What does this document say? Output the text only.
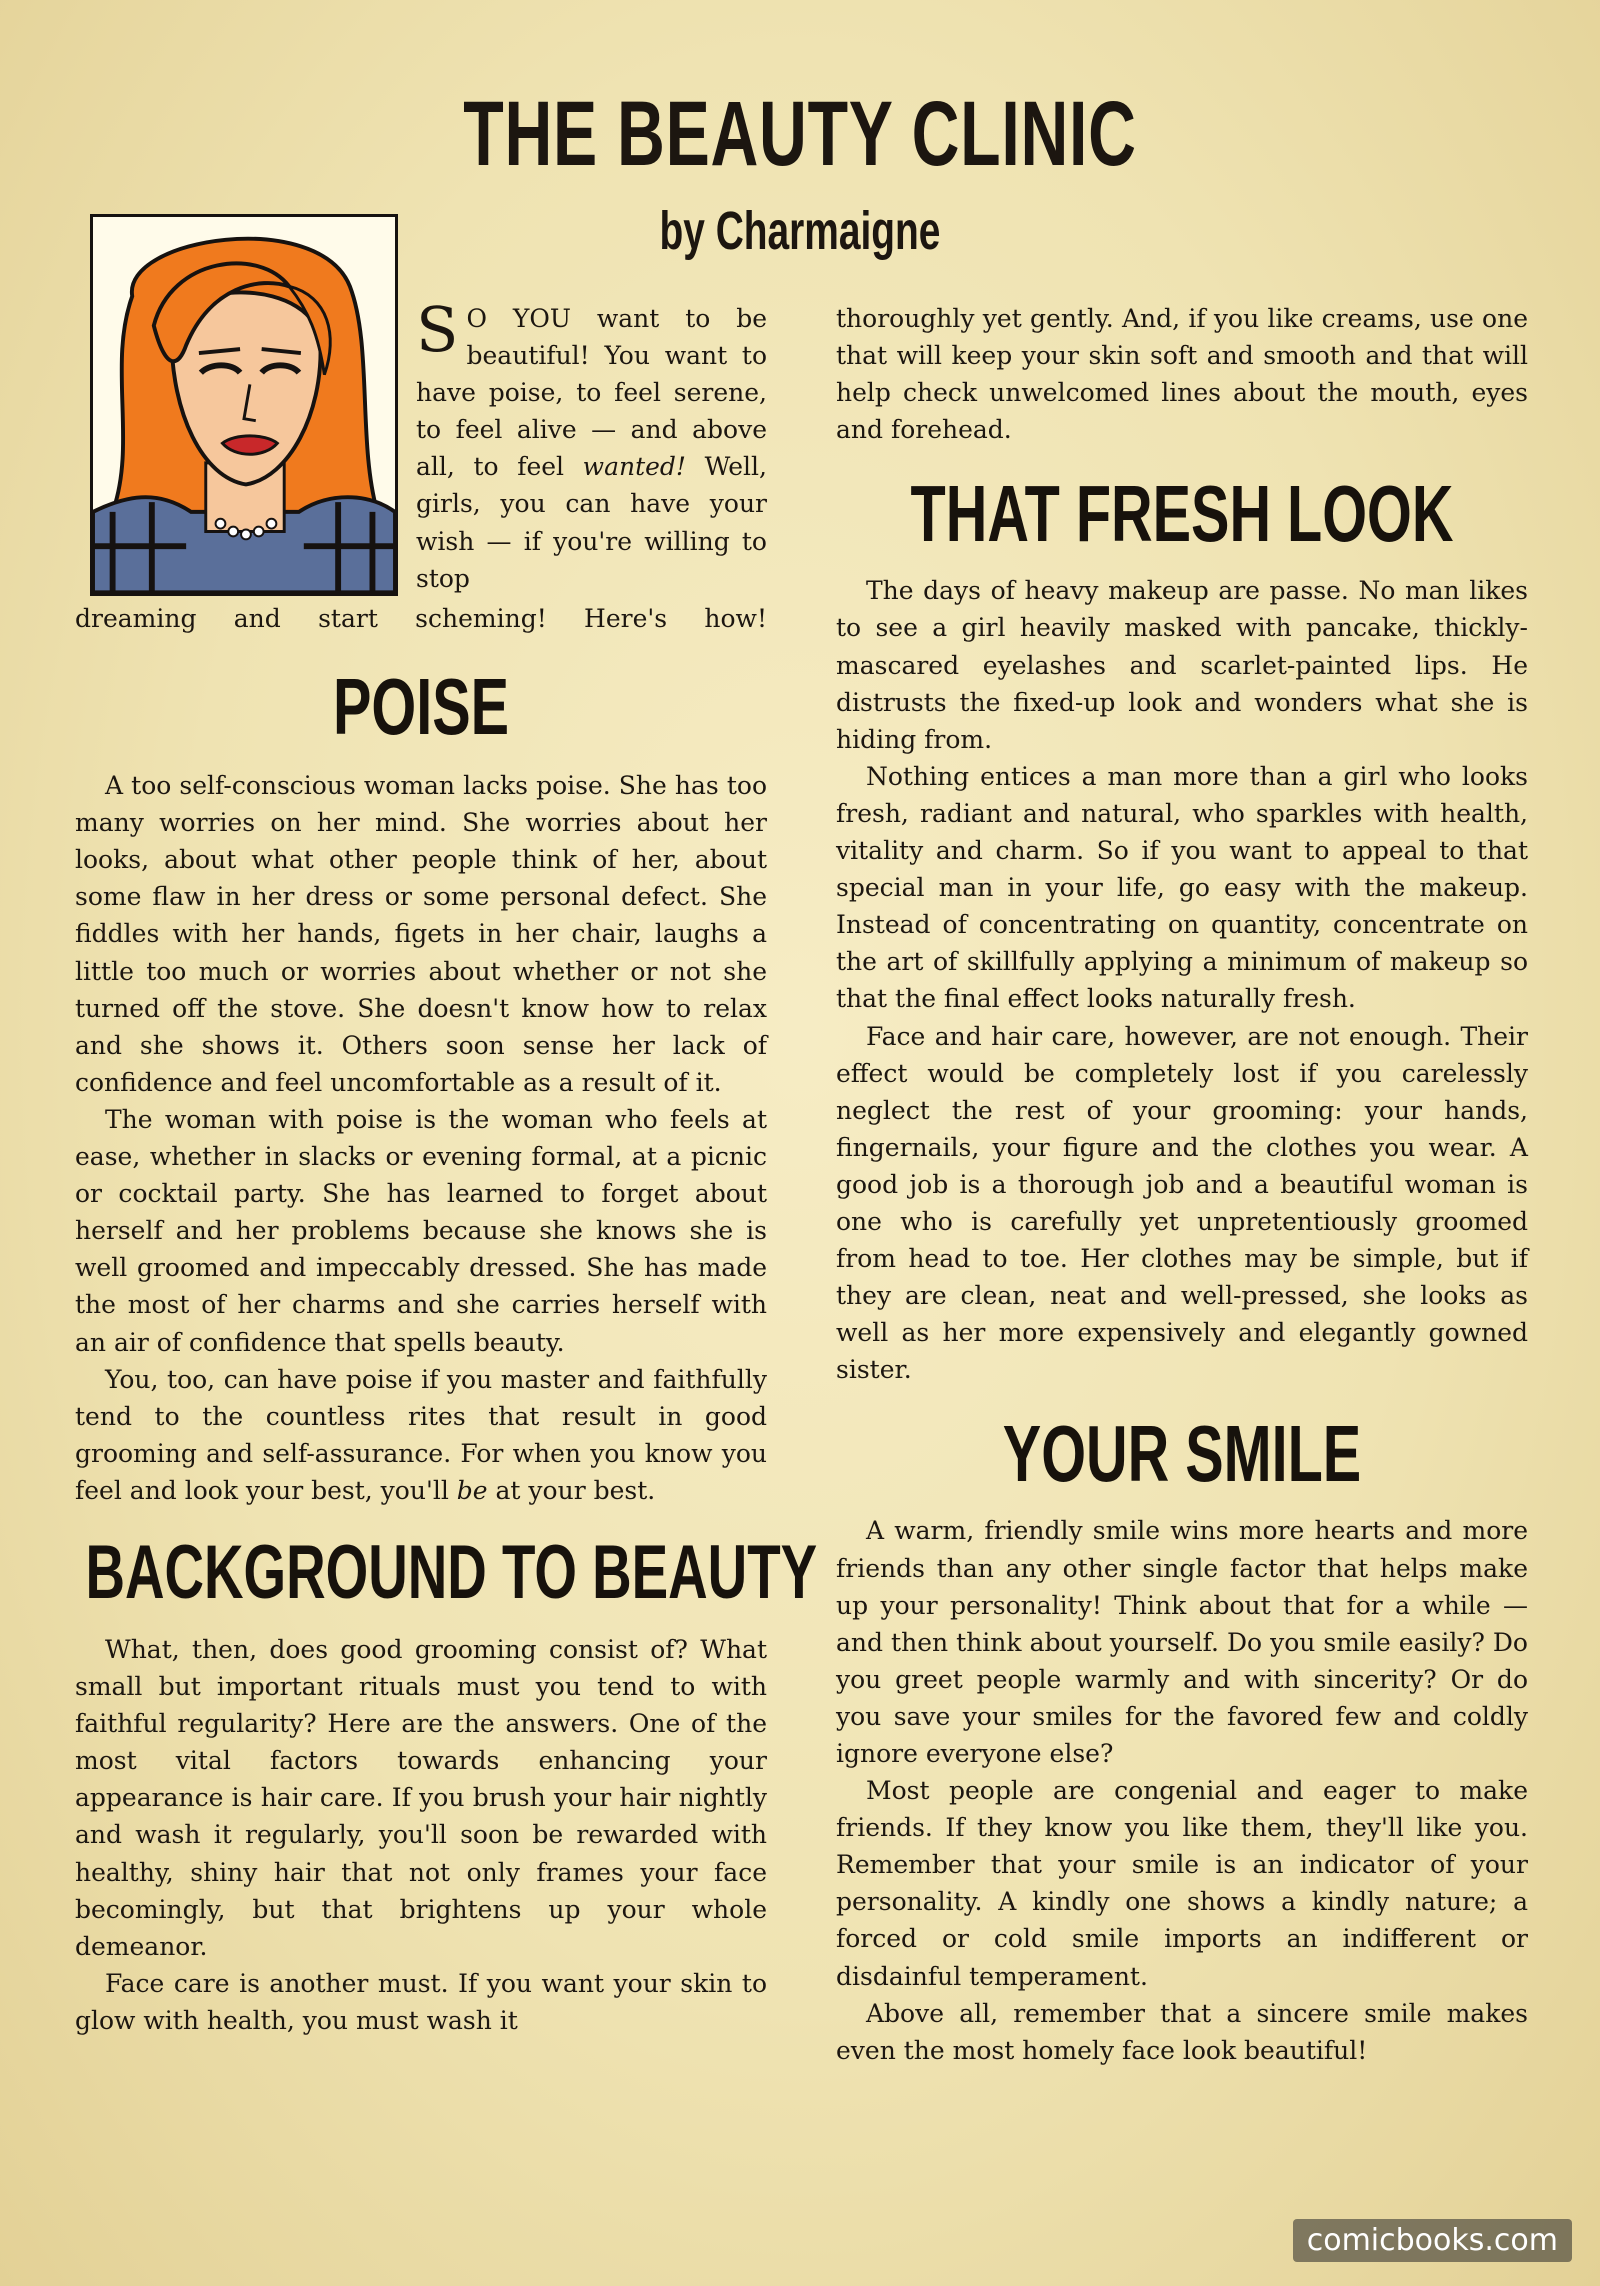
THE BEAUTY CLINIC
by Charmaigne
S O YOU want to be beautiful! You want to have poise, to feel serene, to feel alive — and above all, to feel wanted! Well, girls, you can have your wish — if you're willing to stop

dreaming and start scheming! Here's how!

POISE

A too self-conscious woman lacks poise. She has too many worries on her mind. She worries about her looks, about what other people think of her, about some flaw in her dress or some personal defect. She fiddles with her hands, figets in her chair, laughs a little too much or worries about whether or not she turned off the stove. She doesn't know how to relax and she shows it. Others soon sense her lack of confidence and feel uncomfortable as a result of it.

The woman with poise is the woman who feels at ease, whether in slacks or evening formal, at a picnic or cocktail party. She has learned to forget about herself and her problems because she knows she is well groomed and impeccably dressed. She has made the most of her charms and she carries herself with an air of confidence that spells beauty.

You, too, can have poise if you master and faithfully tend to the countless rites that result in good grooming and self-assurance. For when you know you feel and look your best, you'll be at your best.

BACKGROUND TO BEAUTY

What, then, does good grooming consist of? What small but important rituals must you tend to with faithful regularity? Here are the answers. One of the most vital factors towards enhancing your appearance is hair care. If you brush your hair nightly and wash it regularly, you'll soon be rewarded with healthy, shiny hair that not only frames your face becomingly, but that brightens up your whole demeanor.

Face care is another must. If you want your skin to glow with health, you must wash it

thoroughly yet gently. And, if you like creams, use one that will keep your skin soft and smooth and that will help check unwelcomed lines about the mouth, eyes and forehead.

THAT FRESH LOOK

The days of heavy makeup are passe. No man likes to see a girl heavily masked with pancake, thickly-mascared eyelashes and scarlet-painted lips. He distrusts the fixed-up look and wonders what she is hiding from.

Nothing entices a man more than a girl who looks fresh, radiant and natural, who sparkles with health, vitality and charm. So if you want to appeal to that special man in your life, go easy with the makeup. Instead of concentrating on quantity, concentrate on the art of skillfully applying a minimum of makeup so that the final effect looks naturally fresh.

Face and hair care, however, are not enough. Their effect would be completely lost if you carelessly neglect the rest of your grooming: your hands, fingernails, your figure and the clothes you wear. A good job is a thorough job and a beautiful woman is one who is carefully yet unpretentiously groomed from head to toe. Her clothes may be simple, but if they are clean, neat and well-pressed, she looks as well as her more expensively and elegantly gowned sister.

YOUR SMILE

A warm, friendly smile wins more hearts and more friends than any other single factor that helps make up your personality! Think about that for a while — and then think about yourself. Do you smile easily? Do you greet people warmly and with sincerity? Or do you save your smiles for the favored few and coldly ignore everyone else?

Most people are congenial and eager to make friends. If they know you like them, they'll like you. Remember that your smile is an indicator of your personality. A kindly one shows a kindly nature; a forced or cold smile imports an indifferent or disdainful temperament.

Above all, remember that a sincere smile makes even the most homely face look beautiful!

comicbooks.com
